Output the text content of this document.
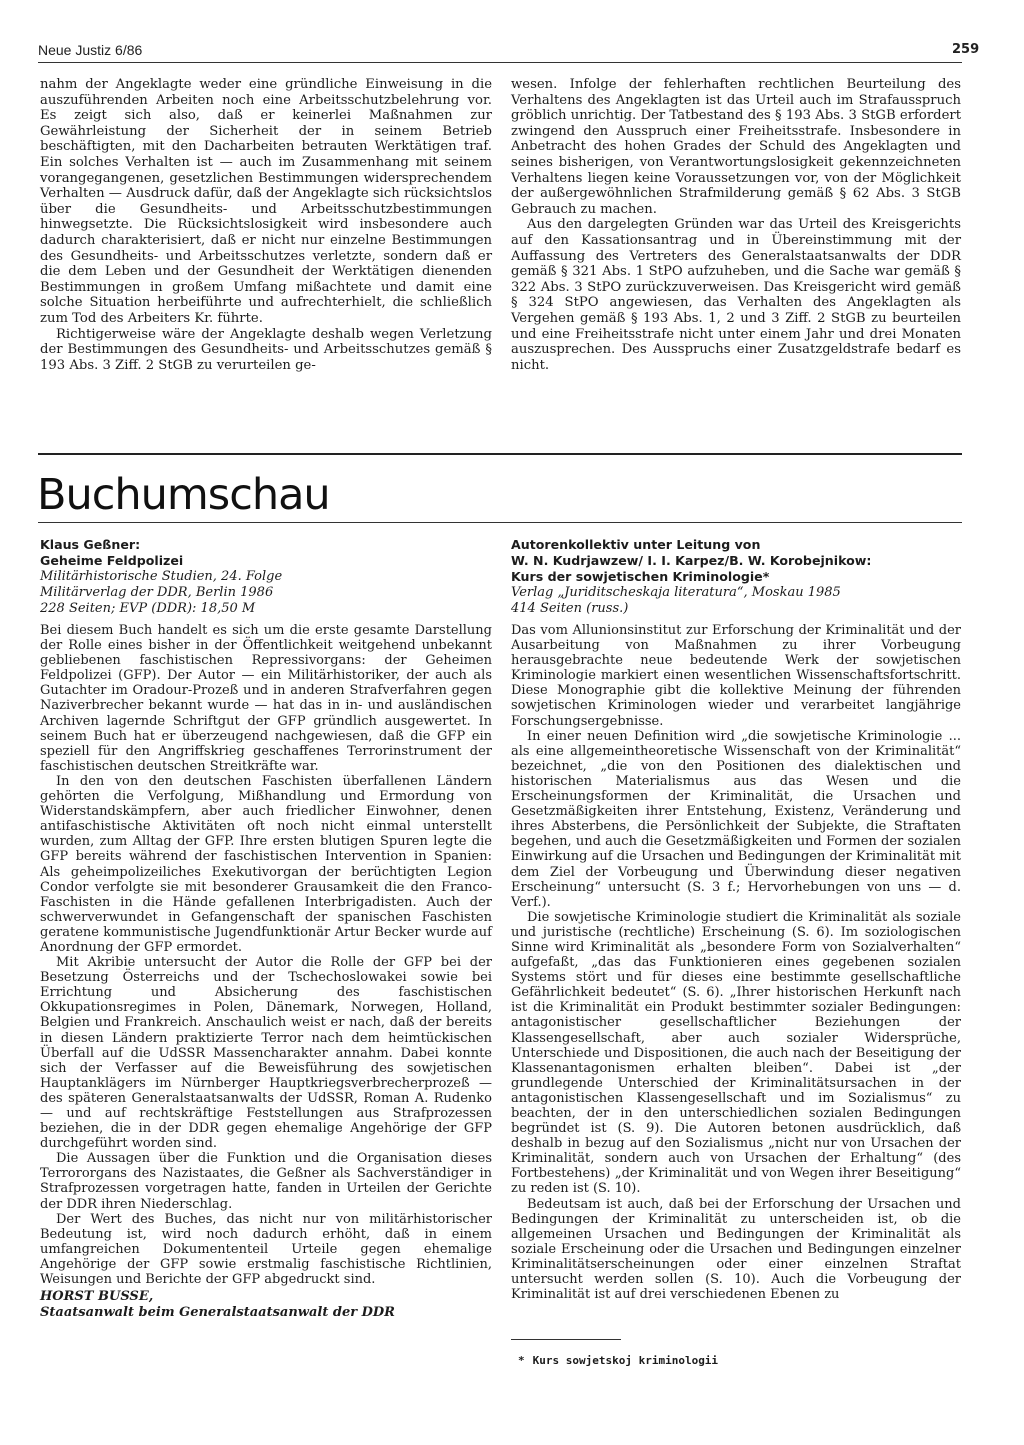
Neue Justiz 6/86	259

nahm der Angeklagte weder eine gründliche Einweisung in die auszuführenden Arbeiten noch eine Arbeitsschutzbelehrung vor. Es zeigt sich also, daß er keinerlei Maßnahmen zur Gewährleistung der Sicherheit der in seinem Betrieb beschäftigten, mit den Dacharbeiten betrauten Werktätigen traf. Ein solches Verhalten ist — auch im Zusammenhang mit seinem vorangegangenen, gesetzlichen Bestimmungen widersprechendem Verhalten — Ausdruck dafür, daß der Angeklagte sich rücksichtslos über die Gesundheits- und Arbeitsschutzbestimmungen hinwegsetzte. Die Rücksichtslosigkeit wird insbesondere auch dadurch charakterisiert, daß er nicht nur einzelne Bestimmungen des Gesundheits- und Arbeitsschutzes verletzte, sondern daß er die dem Leben und der Gesundheit der Werktätigen dienenden Bestimmungen in großem Umfang mißachtete und damit eine solche Situation herbeiführte und aufrechterhielt, die schließlich zum Tod des Arbeiters Kr. führte.

Richtigerweise wäre der Angeklagte deshalb wegen Verletzung der Bestimmungen des Gesundheits- und Arbeitsschutzes gemäß § 193 Abs. 3 Ziff. 2 StGB zu verurteilen ge-

wesen. Infolge der fehlerhaften rechtlichen Beurteilung des Verhaltens des Angeklagten ist das Urteil auch im Strafausspruch gröblich unrichtig. Der Tatbestand des § 193 Abs. 3 StGB erfordert zwingend den Ausspruch einer Freiheitsstrafe. Insbesondere in Anbetracht des hohen Grades der Schuld des Angeklagten und seines bisherigen, von Verantwortungslosigkeit gekennzeichneten Verhaltens liegen keine Voraussetzungen vor, von der Möglichkeit der außergewöhnlichen Strafmilderung gemäß § 62 Abs. 3 StGB Gebrauch zu machen.

Aus den dargelegten Gründen war das Urteil des Kreisgerichts auf den Kassationsantrag und in Übereinstimmung mit der Auffassung des Vertreters des Generalstaatsanwalts der DDR gemäß § 321 Abs. 1 StPO aufzuheben, und die Sache war gemäß § 322 Abs. 3 StPO zurückzuverweisen. Das Kreisgericht wird gemäß § 324 StPO angewiesen, das Verhalten des Angeklagten als Vergehen gemäß § 193 Abs. 1, 2 und 3 Ziff. 2 StGB zu beurteilen und eine Freiheitsstrafe nicht unter einem Jahr und drei Monaten auszusprechen. Des Ausspruchs einer Zusatzgeldstrafe bedarf es nicht.

Buchumschau
Klaus Geßner:
Geheime Feldpolizei
Militärhistorische Studien, 24. Folge
Militärverlag der DDR, Berlin 1986
228 Seiten; EVP (DDR): 18,50 M

Bei diesem Buch handelt es sich um die erste gesamte Darstellung der Rolle eines bisher in der Öffentlichkeit weitgehend unbekannt gebliebenen faschistischen Repressivorgans: der Geheimen Feldpolizei (GFP). Der Autor — ein Militärhistoriker, der auch als Gutachter im Oradour-Prozeß und in anderen Strafverfahren gegen Naziverbrecher bekannt wurde — hat das in in- und ausländischen Archiven lagernde Schriftgut der GFP gründlich ausgewertet. In seinem Buch hat er überzeugend nachgewiesen, daß die GFP ein speziell für den Angriffskrieg geschaffenes Terrorinstrument der faschistischen deutschen Streitkräfte war.

In den von den deutschen Faschisten überfallenen Ländern gehörten die Verfolgung, Mißhandlung und Ermordung von Widerstandskämpfern, aber auch friedlicher Einwohner, denen antifaschistische Aktivitäten oft noch nicht einmal unterstellt wurden, zum Alltag der GFP. Ihre ersten blutigen Spuren legte die GFP bereits während der faschistischen Intervention in Spanien: Als geheimpolizeiliches Exekutivorgan der berüchtigten Legion Condor verfolgte sie mit besonderer Grausamkeit die den Franco-Faschisten in die Hände gefallenen Interbrigadisten. Auch der schwerverwundet in Gefangenschaft der spanischen Faschisten geratene kommunistische Jugendfunktionär Artur Becker wurde auf Anordnung der GFP ermordet.

Mit Akribie untersucht der Autor die Rolle der GFP bei der Besetzung Österreichs und der Tschechoslowakei sowie bei Errichtung und Absicherung des faschistischen Okkupationsregimes in Polen, Dänemark, Norwegen, Holland, Belgien und Frankreich. Anschaulich weist er nach, daß der bereits in diesen Ländern praktizierte Terror nach dem heimtückischen Überfall auf die UdSSR Massencharakter annahm. Dabei konnte sich der Verfasser auf die Beweisführung des sowjetischen Hauptanklägers im Nürnberger Hauptkriegsverbrecherprozeß — des späteren Generalstaatsanwalts der UdSSR, Roman A. Rudenko — und auf rechtskräftige Feststellungen aus Strafprozessen beziehen, die in der DDR gegen ehemalige Angehörige der GFP durchgeführt worden sind.

Die Aussagen über die Funktion und die Organisation dieses Terrororgans des Nazistaates, die Geßner als Sachverständiger in Strafprozessen vorgetragen hatte, fanden in Urteilen der Gerichte der DDR ihren Niederschlag.

Der Wert des Buches, das nicht nur von militärhistorischer Bedeutung ist, wird noch dadurch erhöht, daß in einem umfangreichen Dokumententeil Urteile gegen ehemalige Angehörige der GFP sowie erstmalig faschistische Richtlinien, Weisungen und Berichte der GFP abgedruckt sind.

HORST BUSSE,
Staatsanwalt beim Generalstaatsanwalt der DDR
Autorenkollektiv unter Leitung von
W. N. Kudrjawzew/ I. I. Karpez/B. W. Korobejnikow:
Kurs der sowjetischen Kriminologie*
Verlag „Juriditscheskaja literatura“, Moskau 1985
414 Seiten (russ.)

Das vom Allunionsinstitut zur Erforschung der Kriminalität und der Ausarbeitung von Maßnahmen zu ihrer Vorbeugung herausgebrachte neue bedeutende Werk der sowjetischen Kriminologie markiert einen wesentlichen Wissenschaftsfortschritt. Diese Monographie gibt die kollektive Meinung der führenden sowjetischen Kriminologen wieder und verarbeitet langjährige Forschungsergebnisse.

In einer neuen Definition wird „die sowjetische Kriminologie ... als eine allgemeintheoretische Wissenschaft von der Kriminalität“ bezeichnet, „die von den Positionen des dialektischen und historischen Materialismus aus das Wesen und die Erscheinungsformen der Kriminalität, die Ursachen und Gesetzmäßigkeiten ihrer Entstehung, Existenz, Veränderung und ihres Absterbens, die Persönlichkeit der Subjekte, die Straftaten begehen, und auch die Gesetzmäßigkeiten und Formen der sozialen Einwirkung auf die Ursachen und Bedingungen der Kriminalität mit dem Ziel der Vorbeugung und Überwindung dieser negativen Erscheinung“ untersucht (S. 3 f.; Hervorhebungen von uns — d. Verf.).

Die sowjetische Kriminologie studiert die Kriminalität als soziale und juristische (rechtliche) Erscheinung (S. 6). Im soziologischen Sinne wird Kriminalität als „besondere Form von Sozialverhalten“ aufgefaßt, „das das Funktionieren eines gegebenen sozialen Systems stört und für dieses eine bestimmte gesellschaftliche Gefährlichkeit bedeutet“ (S. 6). „Ihrer historischen Herkunft nach ist die Kriminalität ein Produkt bestimmter sozialer Bedingungen: antagonistischer gesellschaftlicher Beziehungen der Klassengesellschaft, aber auch sozialer Widersprüche, Unterschiede und Dispositionen, die auch nach der Beseitigung der Klassenantagonismen erhalten bleiben“. Dabei ist „der grundlegende Unterschied der Kriminalitätsursachen in der antagonistischen Klassengesellschaft und im Sozialismus“ zu beachten, der in den unterschiedlichen sozialen Bedingungen begründet ist (S. 9). Die Autoren betonen ausdrücklich, daß deshalb in bezug auf den Sozialismus „nicht nur von Ursachen der Kriminalität, sondern auch von Ursachen der Erhaltung“ (des Fortbestehens) „der Kriminalität und von Wegen ihrer Beseitigung“ zu reden ist (S. 10).

Bedeutsam ist auch, daß bei der Erforschung der Ursachen und Bedingungen der Kriminalität zu unterscheiden ist, ob die allgemeinen Ursachen und Bedingungen der Kriminalität als soziale Erscheinung oder die Ursachen und Bedingungen einzelner Kriminalitätserscheinungen oder einer einzelnen Straftat untersucht werden sollen (S. 10). Auch die Vorbeugung der Kriminalität ist auf drei verschiedenen Ebenen zu

* Kurs sowjetskoj kriminologii
